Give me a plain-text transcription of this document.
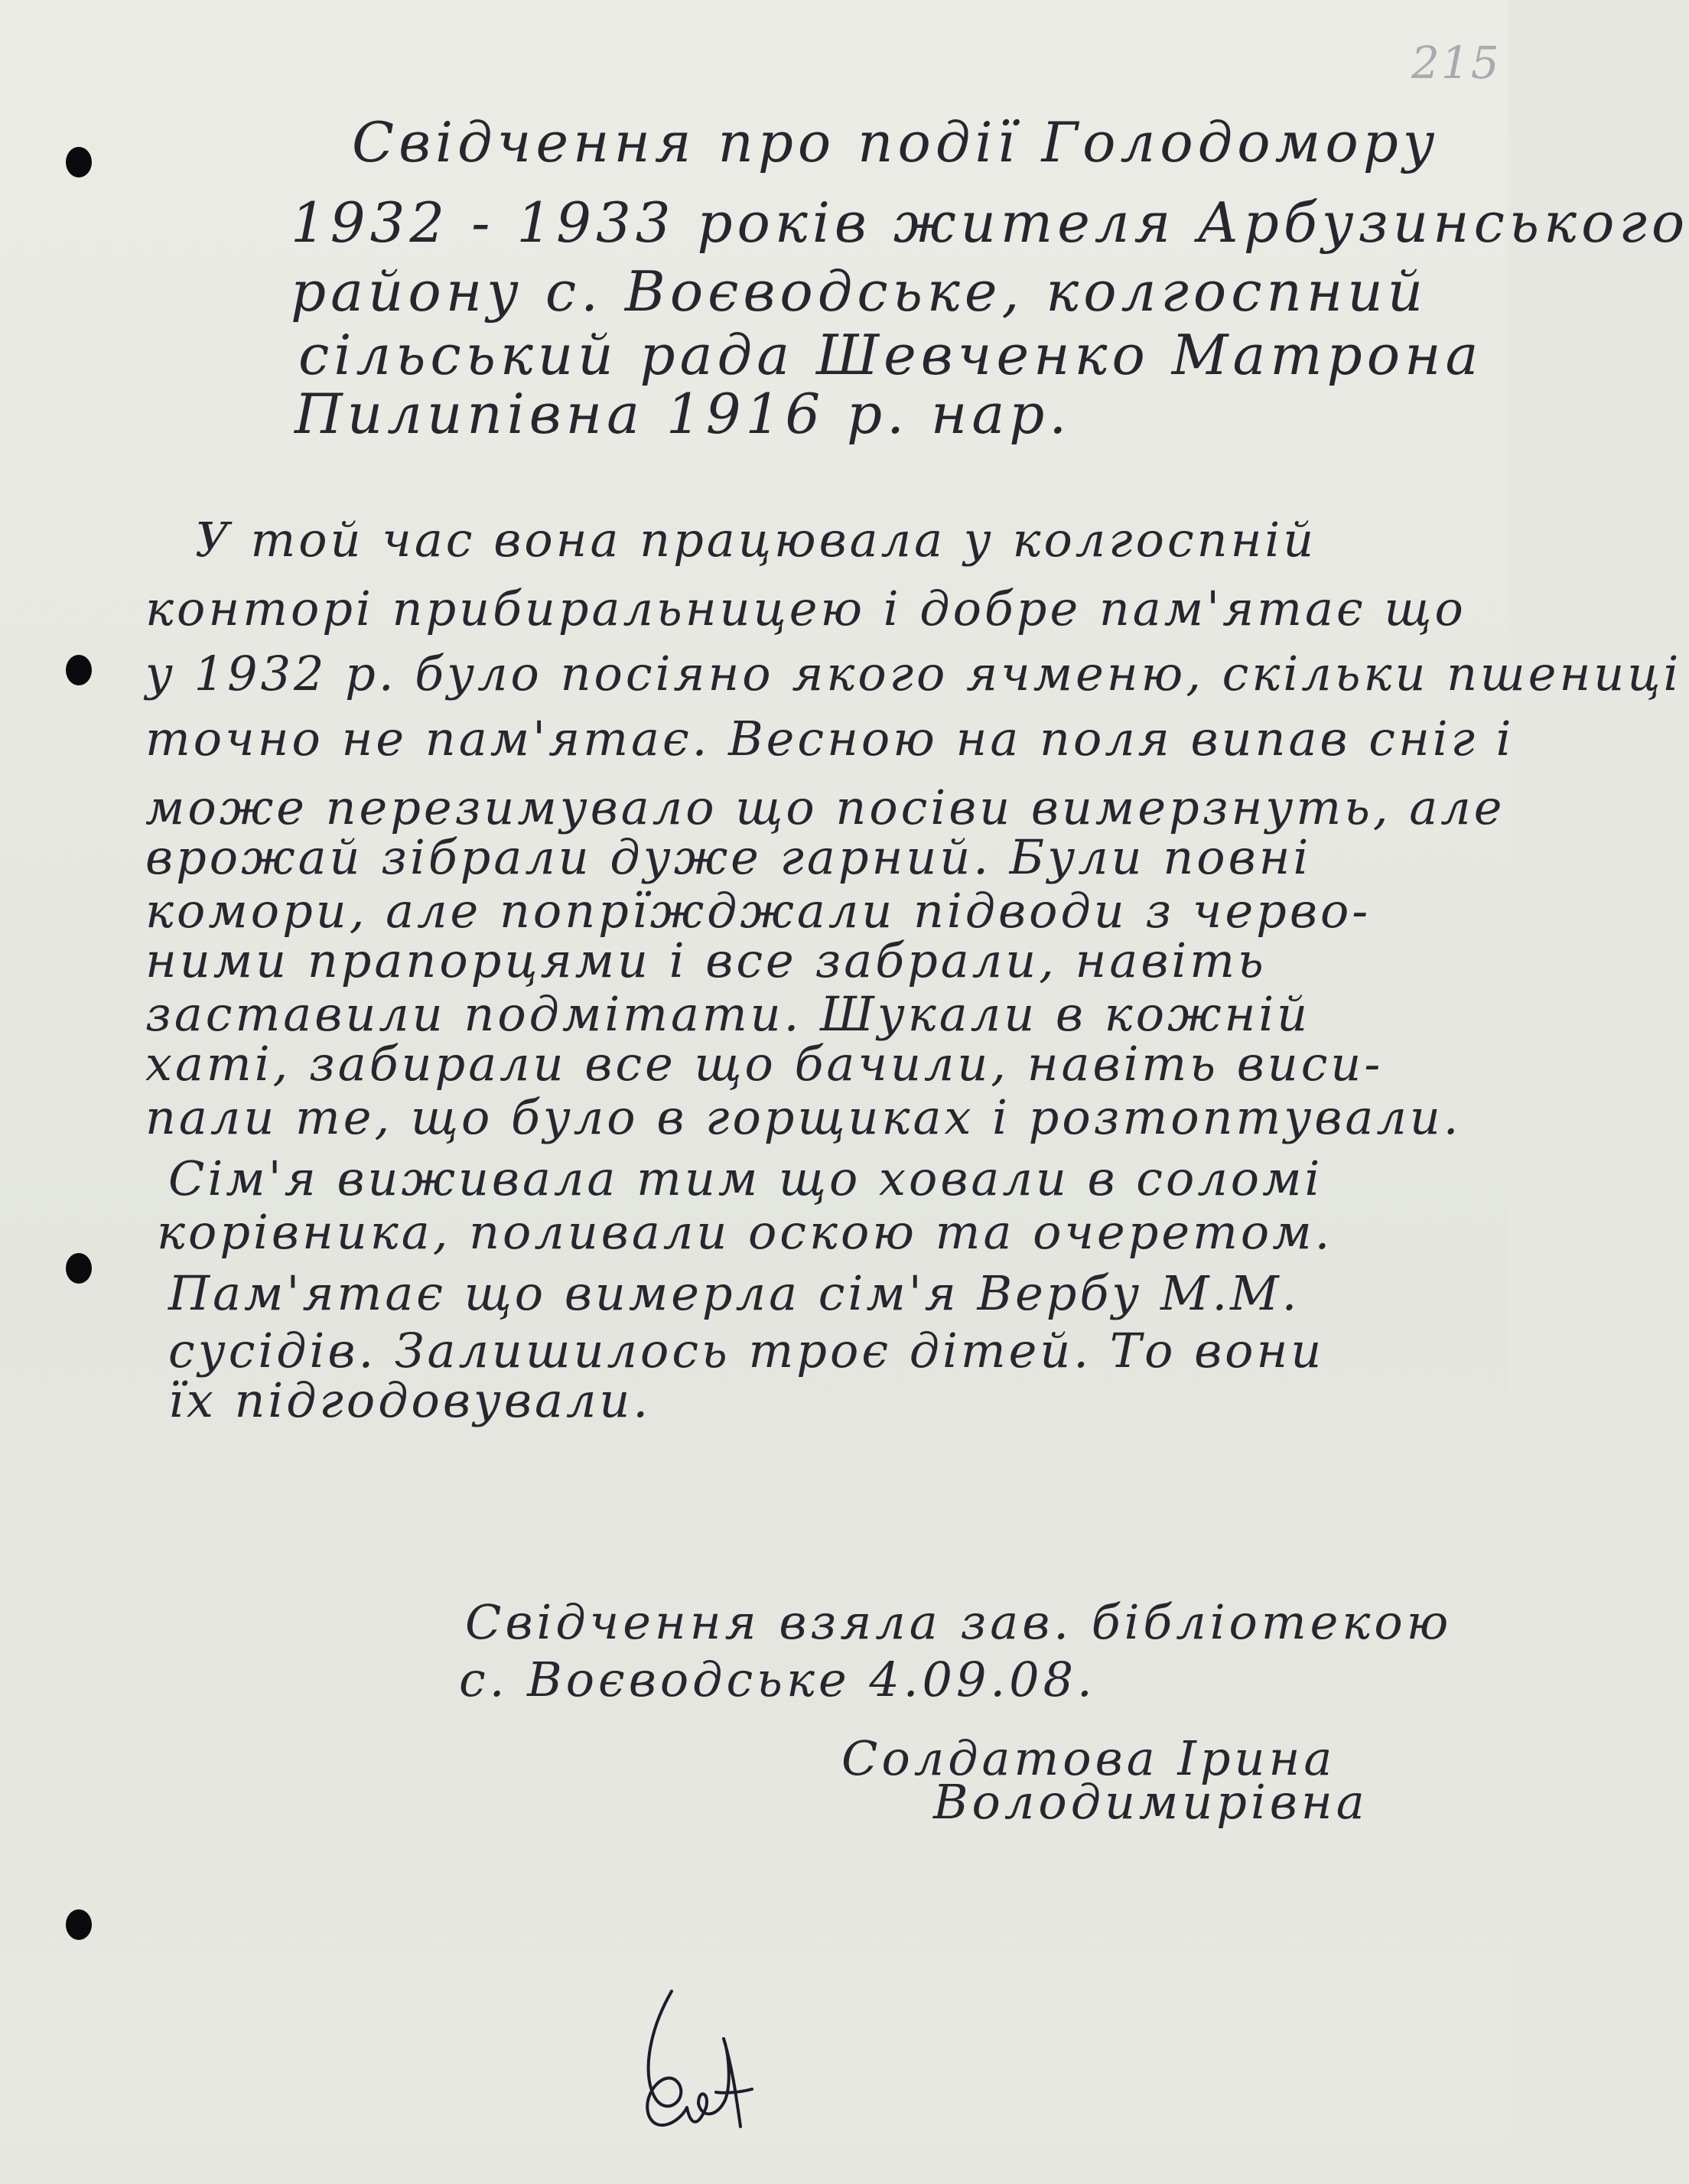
215
Свідчення про події Голодомору
1932 - 1933 років жителя Арбузинського
району с. Воєводське, колгоспний
сільський рада Шевченко Матрона
Пилипівна 1916 р. нар.
У той час вона працювала у колгоспній
конторі прибиральницею і добре пам'ятає що
у 1932 р. було посіяно якого ячменю, скільки пшениці
точно не пам'ятає. Весною на поля випав сніг і
може перезимувало що посіви вимерзнуть, але
врожай зібрали дуже гарний. Були повні
комори, але попрїжджали підводи з черво-
ними прапорцями і все забрали, навіть
заставили подмітати. Шукали в кожній
хаті, забирали все що бачили, навіть виси-
пали те, що було в горщиках і розтоптували.
Сім'я виживала тим що ховали в соломі
корівника, поливали оскою та очеретом.
Пам'ятає що вимерла сім'я Вербу М.М.
сусідів. Залишилось троє дітей. То вони
їх підгодовували.
Свідчення взяла зав. бібліотекою
с. Воєводське 4.09.08.
Солдатова Ірина
Володимирівна
